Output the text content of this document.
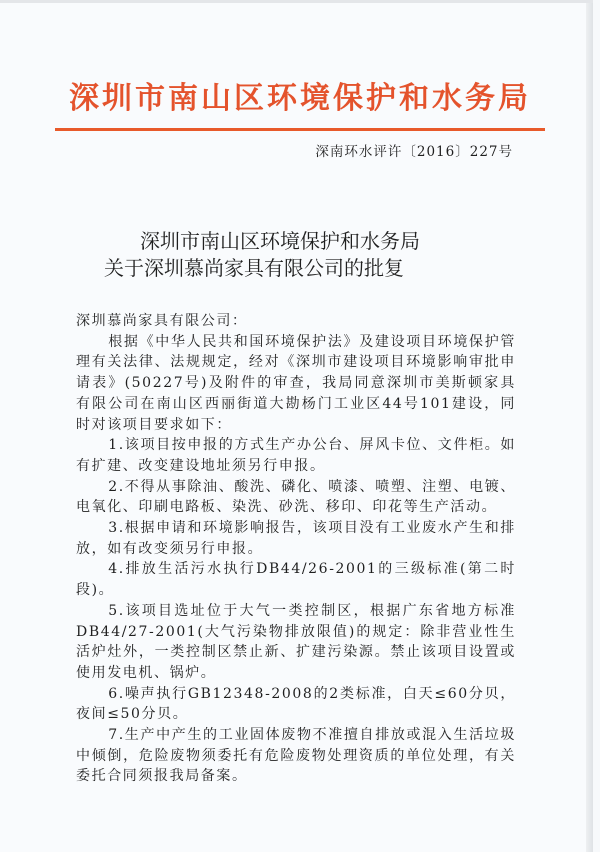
深圳市南山区环境保护和水务局
深南环水评许〔2016〕227号
深圳市南山区环境保护和水务局
关于深圳慕尚家具有限公司的批复

深圳慕尚家具有限公司：

根据《中华人民共和国环境保护法》及建设项目环境保护管理有关法律、法规规定，经对《深圳市建设项目环境影响审批申请表》(50227号)及附件的审查，我局同意深圳市美斯顿家具有限公司在南山区西丽街道大勘杨门工业区44号101建设，同时对该项目要求如下：

1.该项目按申报的方式生产办公台、屏风卡位、文件柜。如有扩建、改变建设地址须另行申报。

2.不得从事除油、酸洗、磷化、喷漆、喷塑、注塑、电镀、电氧化、印刷电路板、染洗、砂洗、移印、印花等生产活动。

3.根据申请和环境影响报告，该项目没有工业废水产生和排放，如有改变须另行申报。

4.排放生活污水执行DB44/26-2001的三级标准(第二时段)。

5.该项目选址位于大气一类控制区，根据广东省地方标准DB44/27-2001(大气污染物排放限值)的规定：除非营业性生活炉灶外，一类控制区禁止新、扩建污染源。禁止该项目设置或使用发电机、锅炉。

6.噪声执行GB12348-2008的2类标准，白天≤60分贝，夜间≤50分贝。

7.生产中产生的工业固体废物不准擅自排放或混入生活垃圾中倾倒，危险废物须委托有危险废物处理资质的单位处理，有关委托合同须报我局备案。
